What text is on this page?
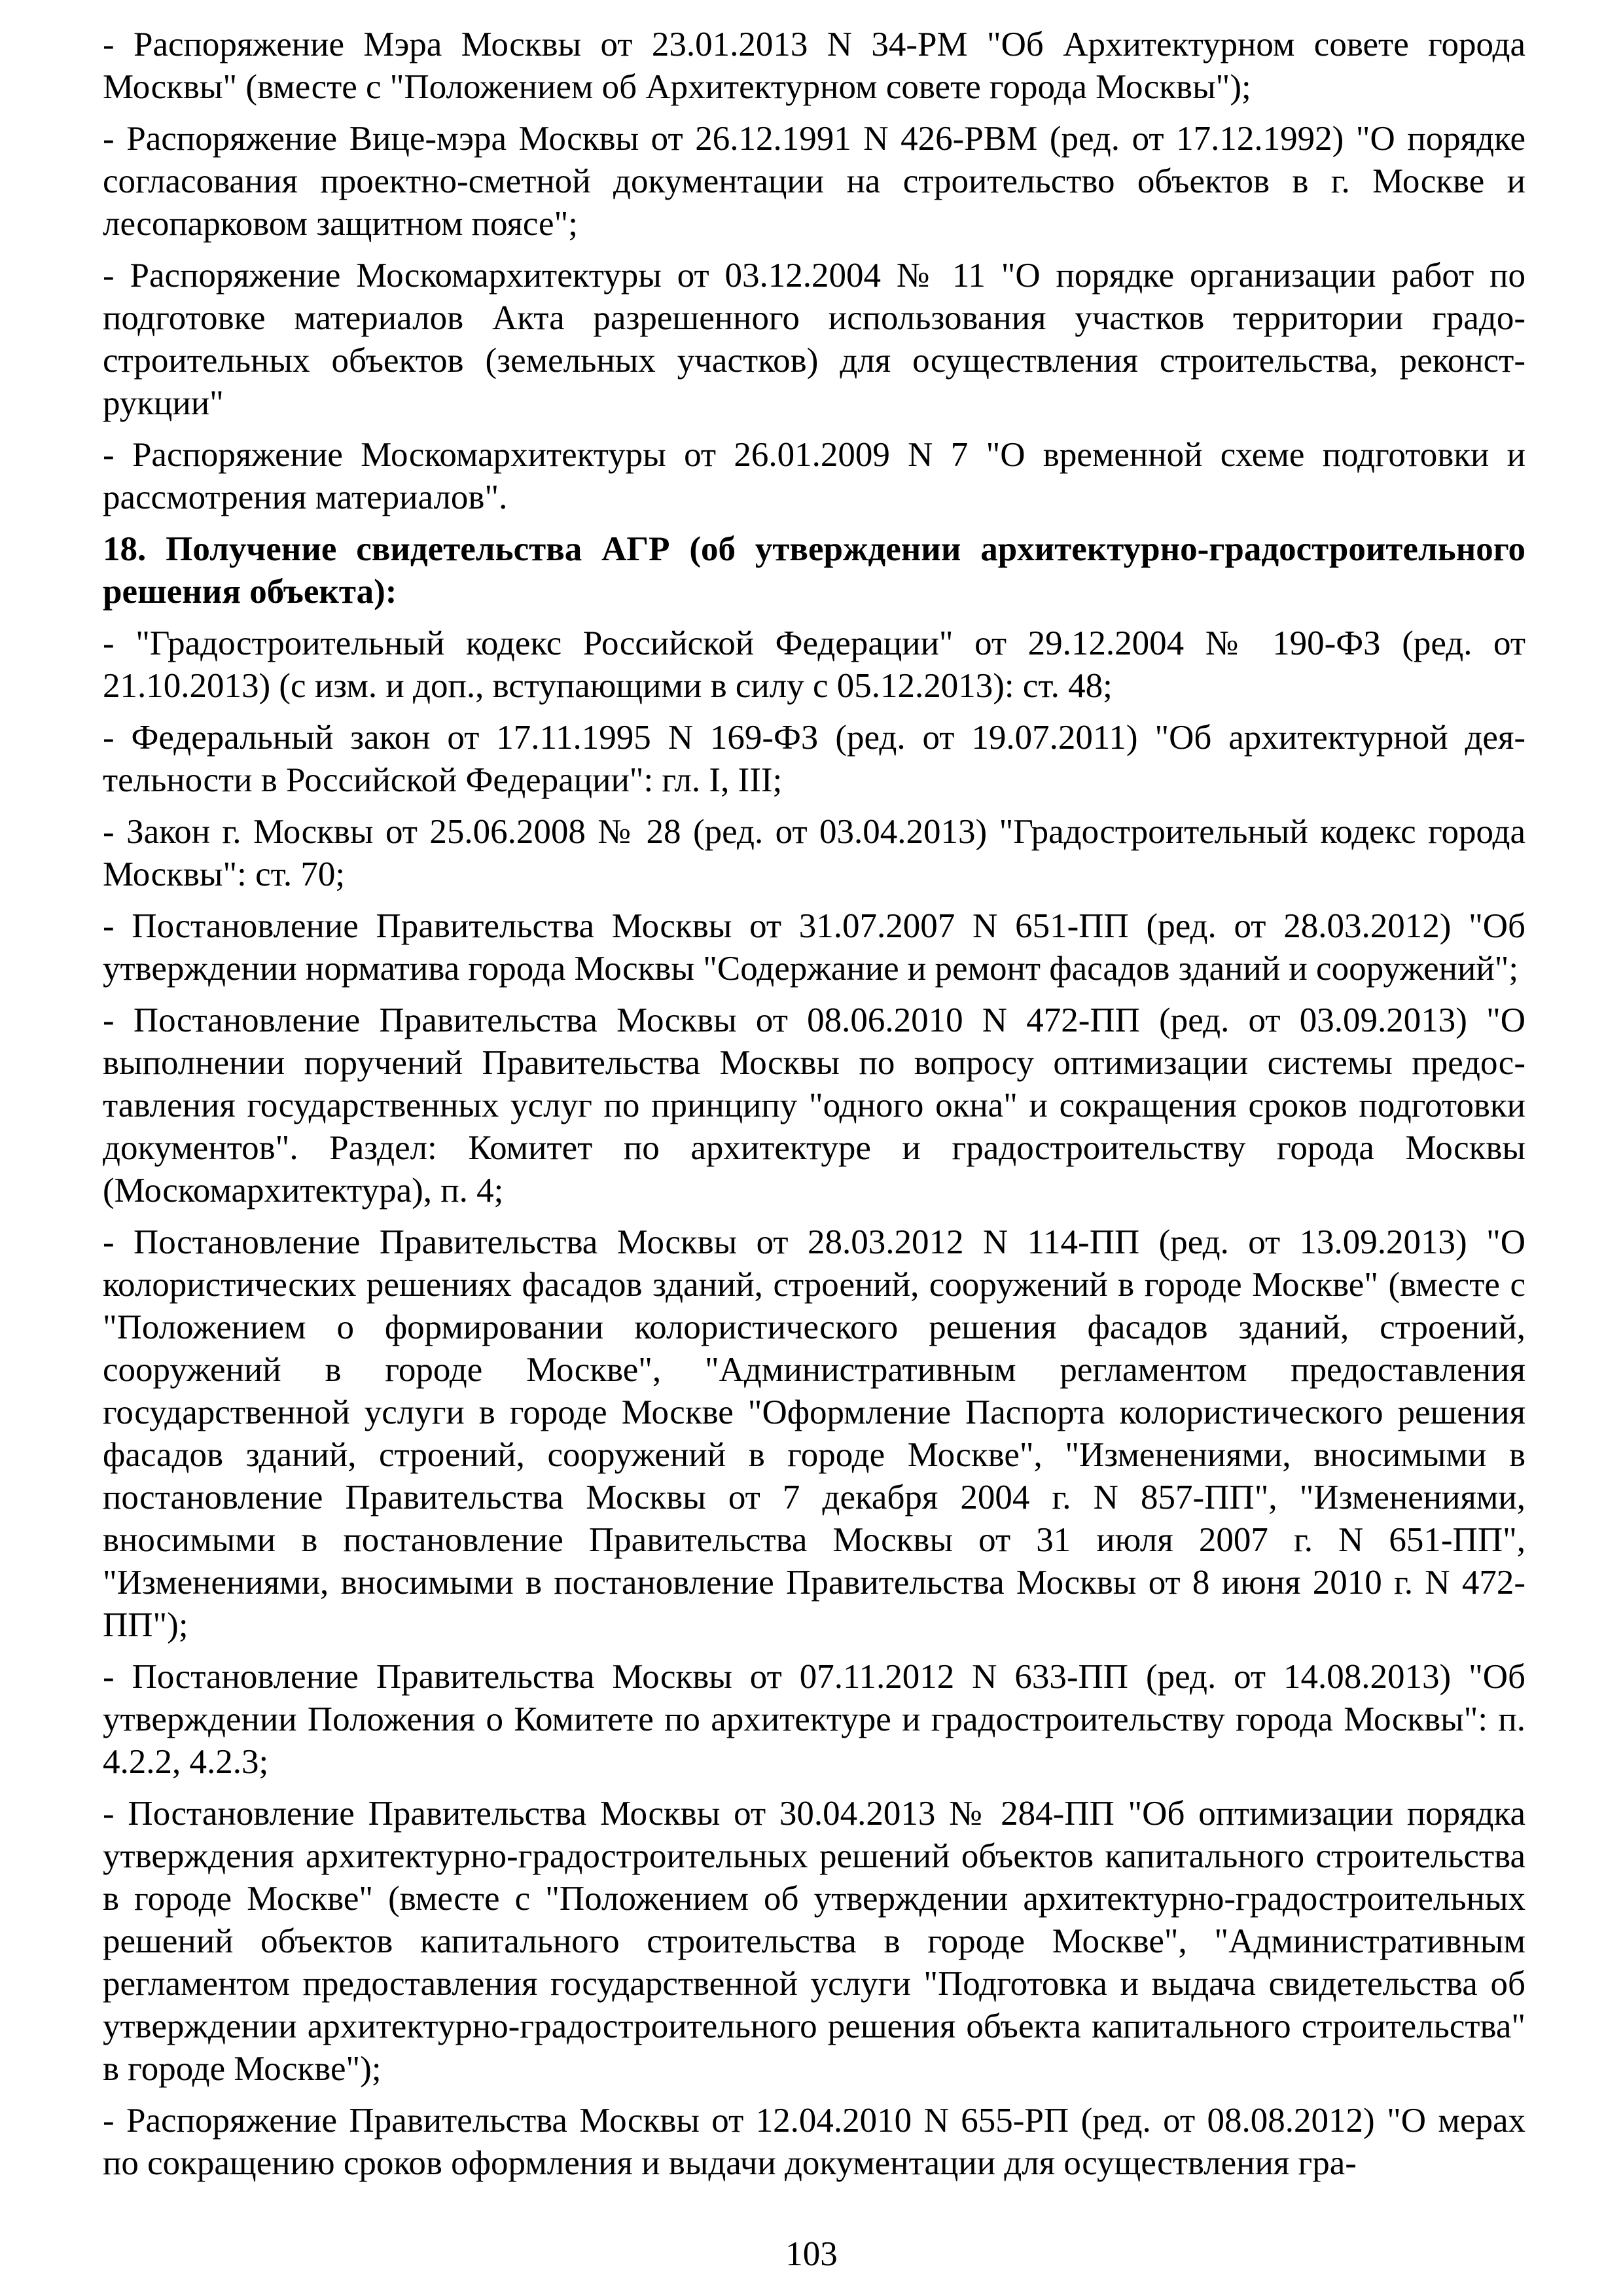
- Распоряжение Мэра Москвы от 23.01.2013 N 34-РМ "Об Архитектурном совете города Москвы" (вместе с "Положением об Архитектурном совете города Москвы");

- Распоряжение Вице-мэра Москвы от 26.12.1991 N 426-РВМ (ред. от 17.12.1992) "О порядке согласования проектно-сметной документации на строительство объектов в г. Москве и лесопарковом защитном поясе";

- Распоряжение Москомархитектуры от 03.12.2004 № 11 "О порядке организации работ по подготовке материалов Акта разрешенного использования участков территории градостроительных объектов (земельных участков) для осуществления строительства, реконструкции"

- Распоряжение Москомархитектуры от 26.01.2009 N 7 "О временной схеме подготовки и рассмотрения материалов".

18. Получение свидетельства АГР (об утверждении архитектурно-градостроительного решения объекта):

- "Градостроительный кодекс Российской Федерации" от 29.12.2004 № 190-ФЗ (ред. от 21.10.2013) (с изм. и доп., вступающими в силу с 05.12.2013): ст. 48;

- Федеральный закон от 17.11.1995 N 169-ФЗ (ред. от 19.07.2011) "Об архитектурной деятельности в Российской Федерации": гл. I, III;

- Закон г. Москвы от 25.06.2008 № 28 (ред. от 03.04.2013) "Градостроительный кодекс города Москвы": ст. 70;

- Постановление Правительства Москвы от 31.07.2007 N 651-ПП (ред. от 28.03.2012) "Об утверждении норматива города Москвы "Содержание и ремонт фасадов зданий и сооружений";

- Постановление Правительства Москвы от 08.06.2010 N 472-ПП (ред. от 03.09.2013) "О выполнении поручений Правительства Москвы по вопросу оптимизации системы предоставления государственных услуг по принципу "одного окна" и сокращения сроков подготовки документов". Раздел: Комитет по архитектуре и градостроительству города Москвы (Москомархитектура), п. 4;

- Постановление Правительства Москвы от 28.03.2012 N 114-ПП (ред. от 13.09.2013) "О колористических решениях фасадов зданий, строений, сооружений в городе Москве" (вместе с "Положением о формировании колористического решения фасадов зданий, строений, сооружений в городе Москве", "Административным регламентом предоставления государственной услуги в городе Москве "Оформление Паспорта колористического решения фасадов зданий, строений, сооружений в городе Москве", "Изменениями, вносимыми в постановление Правительства Москвы от 7 декабря 2004 г. N 857-ПП", "Изменениями, вносимыми в постановление Правительства Москвы от 31 июля 2007 г. N 651-ПП", "Изменениями, вносимыми в постановление Правительства Москвы от 8 июня 2010 г. N 472-ПП");

- Постановление Правительства Москвы от 07.11.2012 N 633-ПП (ред. от 14.08.2013) "Об утверждении Положения о Комитете по архитектуре и градостроительству города Москвы": п. 4.2.2, 4.2.3;

- Постановление Правительства Москвы от 30.04.2013 № 284-ПП "Об оптимизации порядка утверждения архитектурно-градостроительных решений объектов капитального строительства в городе Москве" (вместе с "Положением об утверждении архитектурно-градостроительных решений объектов капитального строительства в городе Москве", "Административным регламентом предоставления государственной услуги "Подготовка и выдача свидетельства об утверждении архитектурно-градостроительного решения объекта капитального строительства" в городе Москве");

- Распоряжение Правительства Москвы от 12.04.2010 N 655-РП (ред. от 08.08.2012) "О мерах по сокращению сроков оформления и выдачи документации для осуществления гра-

103
